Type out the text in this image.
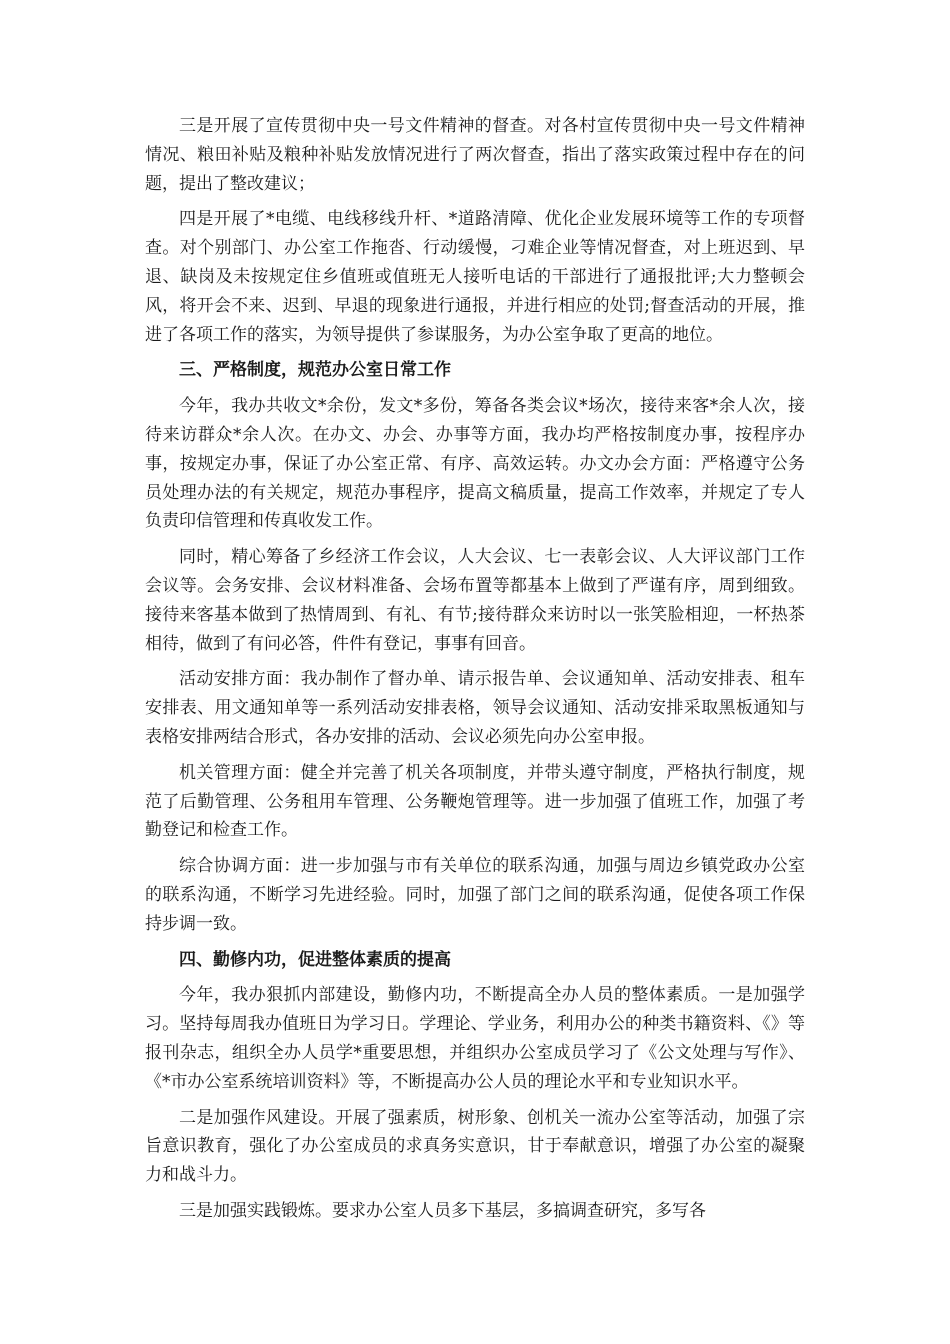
三是开展了宣传贯彻中央一号文件精神的督查。对各村宣传贯彻中央一号文件精神情况、粮田补贴及粮种补贴发放情况进行了两次督查，指出了落实政策过程中存在的问题，提出了整改建议；

四是开展了*电缆、电线移线升杆、*道路清障、优化企业发展环境等工作的专项督查。对个别部门、办公室工作拖沓、行动缓慢，刁难企业等情况督查，对上班迟到、早退、缺岗及未按规定住乡值班或值班无人接听电话的干部进行了通报批评;大力整顿会风，将开会不来、迟到、早退的现象进行通报，并进行相应的处罚;督查活动的开展，推进了各项工作的落实，为领导提供了参谋服务，为办公室争取了更高的地位。

三、严格制度，规范办公室日常工作

今年，我办共收文*余份，发文*多份，筹备各类会议*场次，接待来客*余人次，接待来访群众*余人次。在办文、办会、办事等方面，我办均严格按制度办事，按程序办事，按规定办事，保证了办公室正常、有序、高效运转。办文办会方面：严格遵守公务员处理办法的有关规定，规范办事程序，提高文稿质量，提高工作效率，并规定了专人负责印信管理和传真收发工作。

同时，精心筹备了乡经济工作会议，人大会议、七一表彰会议、人大评议部门工作会议等。会务安排、会议材料准备、会场布置等都基本上做到了严谨有序，周到细致。接待来客基本做到了热情周到、有礼、有节;接待群众来访时以一张笑脸相迎，一杯热茶相待，做到了有问必答，件件有登记，事事有回音。

活动安排方面：我办制作了督办单、请示报告单、会议通知单、活动安排表、租车安排表、用文通知单等一系列活动安排表格，领导会议通知、活动安排采取黑板通知与表格安排两结合形式，各办安排的活动、会议必须先向办公室申报。

机关管理方面：健全并完善了机关各项制度，并带头遵守制度，严格执行制度，规范了后勤管理、公务租用车管理、公务鞭炮管理等。进一步加强了值班工作，加强了考勤登记和检查工作。

综合协调方面：进一步加强与市有关单位的联系沟通，加强与周边乡镇党政办公室的联系沟通，不断学习先进经验。同时，加强了部门之间的联系沟通，促使各项工作保持步调一致。

四、勤修内功，促进整体素质的提高

今年，我办狠抓内部建设，勤修内功，不断提高全办人员的整体素质。一是加强学习。坚持每周我办值班日为学习日。学理论、学业务，利用办公的种类书籍资料、《》等报刊杂志，组织全办人员学*重要思想，并组织办公室成员学习了《公文处理与写作》、《*市办公室系统培训资料》等，不断提高办公人员的理论水平和专业知识水平。

二是加强作风建设。开展了强素质，树形象、创机关一流办公室等活动，加强了宗旨意识教育，强化了办公室成员的求真务实意识，甘于奉献意识，增强了办公室的凝聚力和战斗力。

三是加强实践锻炼。要求办公室人员多下基层，多搞调查研究，多写各
